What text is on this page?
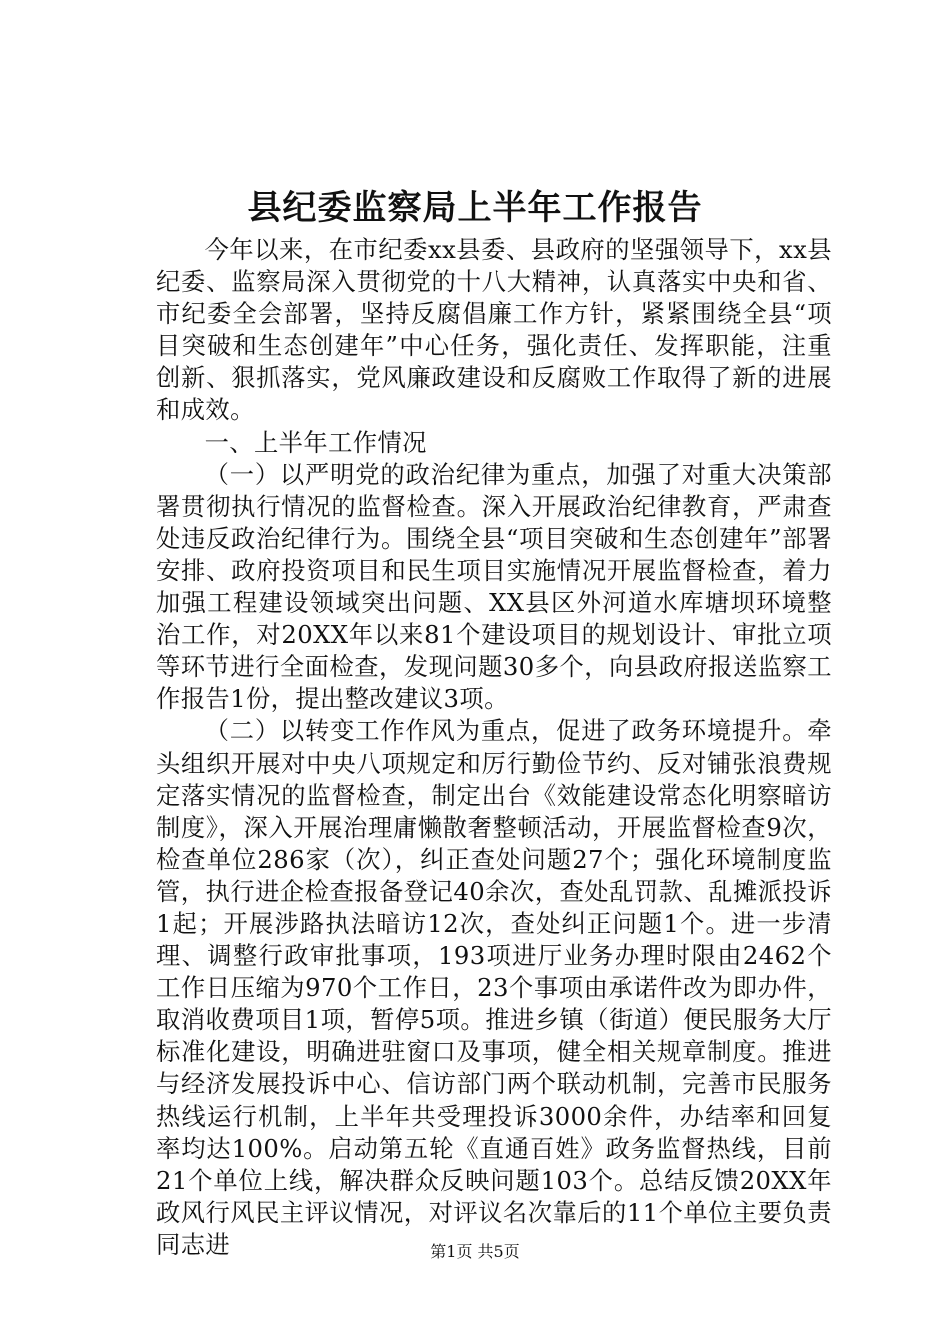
县纪委监察局上半年工作报告

今年以来，在市纪委xx县委、县政府的坚强领导下，xx县纪委、监察局深入贯彻党的十八大精神，认真落实中央和省、市纪委全会部署，坚持反腐倡廉工作方针，紧紧围绕全县“项目突破和生态创建年”中心任务，强化责任、发挥职能，注重创新、狠抓落实，党风廉政建设和反腐败工作取得了新的进展和成效。

一、上半年工作情况

（一）以严明党的政治纪律为重点，加强了对重大决策部署贯彻执行情况的监督检查。深入开展政治纪律教育，严肃查处违反政治纪律行为。围绕全县“项目突破和生态创建年”部署安排、政府投资项目和民生项目实施情况开展监督检查，着力加强工程建设领域突出问题、XX县区外河道水库塘坝环境整治工作，对20XX年以来81个建设项目的规划设计、审批立项等环节进行全面检查，发现问题30多个，向县政府报送监察工作报告1份，提出整改建议3项。

（二）以转变工作作风为重点，促进了政务环境提升。牵头组织开展对中央八项规定和厉行勤俭节约、反对铺张浪费规定落实情况的监督检查，制定出台《效能建设常态化明察暗访制度》，深入开展治理庸懒散奢整顿活动，开展监督检查9次，检查单位286家（次），纠正查处问题27个；强化环境制度监管，执行进企检查报备登记40余次，查处乱罚款、乱摊派投诉1起；开展涉路执法暗访12次，查处纠正问题1个。进一步清理、调整行政审批事项，193项进厅业务办理时限由2462个工作日压缩为970个工作日，23个事项由承诺件改为即办件，取消收费项目1项，暂停5项。推进乡镇（街道）便民服务大厅标准化建设，明确进驻窗口及事项，健全相关规章制度。推进与经济发展投诉中心、信访部门两个联动机制，完善市民服务热线运行机制，上半年共受理投诉3000余件，办结率和回复率均达100%。启动第五轮《直通百姓》政务监督热线，目前21个单位上线，解决群众反映问题103个。总结反馈20XX年政风行风民主评议情况，对评议名次靠后的11个单位主要负责同志进	第1页 共5页
